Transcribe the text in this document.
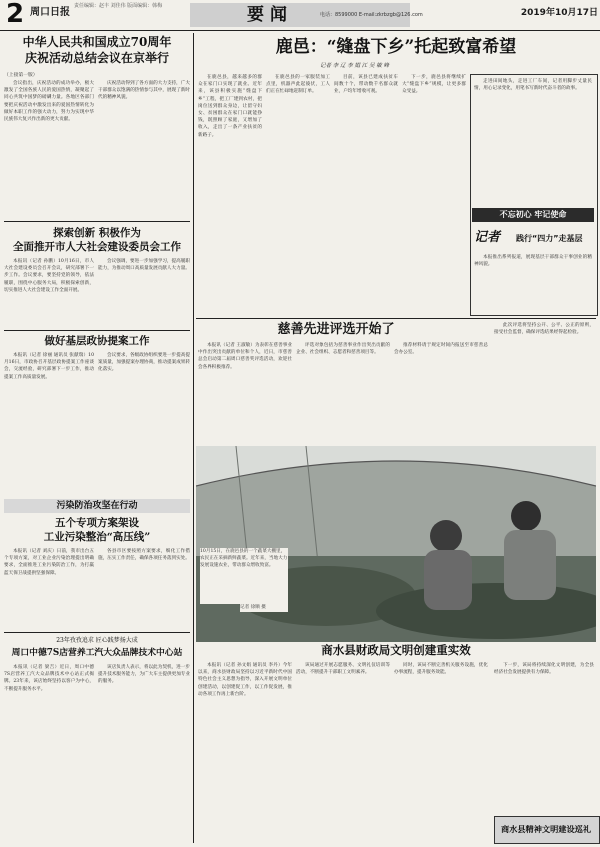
2 周口日报
责任编辑：赵丰 刘佳伟 版面编辑：韩梅	要闻	电话：8599000 E-mail:zkrbzgb@126.com	2019年10月17日
中华人民共和国成立70周年
庆祝活动总结会议在京举行
（上接第一版）

会议指出，庆祝活动的成功举办，极大激发了全国各族人民的爱国热情，凝聚起了同心共筑中国梦的磅礴力量。各地区各部门要把庆祝活动中激发出来的爱国热情转化为做好本职工作的强大动力，努力为实现中华民族伟大复兴作出新的更大贡献。

庆祝活动得到了各方面的大力支持，广大干部群众以饱满的热情参与其中，展现了新时代的精神风貌。

探索创新 积极作为
全面推开市人大社会建设委员会工作

本报讯（记者 孙鹏）10月16日，市人大社会建设委员会召开会议，研究部署下一步工作。会议要求，要坚持党的领导，依法履职，围绕中心服务大局，积极探索创新，切实推进人大社会建设工作全面开展。

会议强调，要进一步加强学习，提高履职能力，为推动周口高质量发展贡献人大力量。

做好基层政协提案工作

本报讯（记者 徐丽 通讯员 张献瑞）10月16日，市政协召开基层政协提案工作座谈会，交流经验，研究部署下一步工作，推动提案工作高质量发展。

会议要求，各级政协组织要进一步提高提案质量，加强提案办理协商，推动提案成果转化落实。

污染防治攻坚在行动
五个专项方案架设
工业污染整治“高压线”

本报讯（记者 刘庆）日前，我市出台五个专项方案，对工业企业污染治理提出明确要求，全面推进工业污染防治工作，为打赢蓝天保卫战提供坚强保障。

各县市区要按照方案要求，细化工作措施，压实工作责任，确保各项任务落到实处。

23年孜孜追求 匠心践梦扬大成
周口中德7S店营养工汽大众品牌技术中心站

本报讯（记者 梁吉）近日，周口中德7S店营养工汽大众品牌技术中心站正式揭牌。23年来，该店始终坚持以客户为中心，不断提升服务水平。

该店负责人表示，将以此为契机，进一步提升技术服务能力，为广大车主提供更加专业的服务。

鹿邑：“缝盘下乡”托起致富希望
记者 李 辽 李 娟 江 吴 敏 峰

在鹿邑县，越来越多的群众在家门口实现了就业。近年来，该县积极实施“缝盘下乡”工程，把工厂建到农村，把岗位送到群众身边，让留守妇女、贫困群众在家门口就能挣钱，既照顾了家庭，又增加了收入，走出了一条产业扶贫的新路子。

在鹿邑县的一家服装加工点里，机器声此起彼伏，工人们正在忙碌地赶制订单。

目前，该县已建成扶贫车间数十个，带动数千名群众就业，户均年增收可观。

下一步，鹿邑县将继续扩大“缝盘下乡”规模，让更多群众受益。

走进田间地头，走进工厂车间，记者用脚步丈量民情，用心记录变化，用笔书写新时代奋斗者的故事。

不忘初心 牢记使命
记者	践行“四力”走基层

本报推出系列报道，展现基层干部群众干事创业的精神风貌。

慈善先进评选开始了

本报讯（记者 王淑敏）为表彰在慈善事业中作出突出贡献的单位和个人，近日，市慈善总会启动第二届周口慈善奖评选活动，欢迎社会各界积极推荐。

评选对象包括为慈善事业作出突出贡献的企业、社会组织、志愿者和慈善项目等。

推荐材料请于规定时间内报送至市慈善总会办公室。

此次评选将坚持公开、公平、公正的原则，接受社会监督，确保评选结果经得起检验。

10月15日，在鹿邑县的一个蔬菜大棚里，农民正在采摘新鲜蔬菜。近年来，当地大力发展设施农业，带动群众增收致富。
记者 徐顺 摄
商水县财政局文明创建重实效

本报讯（记者 孙文娟 通讯员 李丹）今年以来，商水县财政局坚持以习近平新时代中国特色社会主义思想为指导，深入开展文明单位创建活动，以创建促工作，以工作促发展，推动各项工作再上新台阶。

该局通过开展志愿服务、文明礼仪培训等活动，不断提升干部职工文明素养。

同时，该局不断完善机关服务设施，优化办事流程，提升服务效能。

下一步，该局将持续深化文明创建，为全县经济社会发展提供有力保障。

商水县精神文明建设巡礼
